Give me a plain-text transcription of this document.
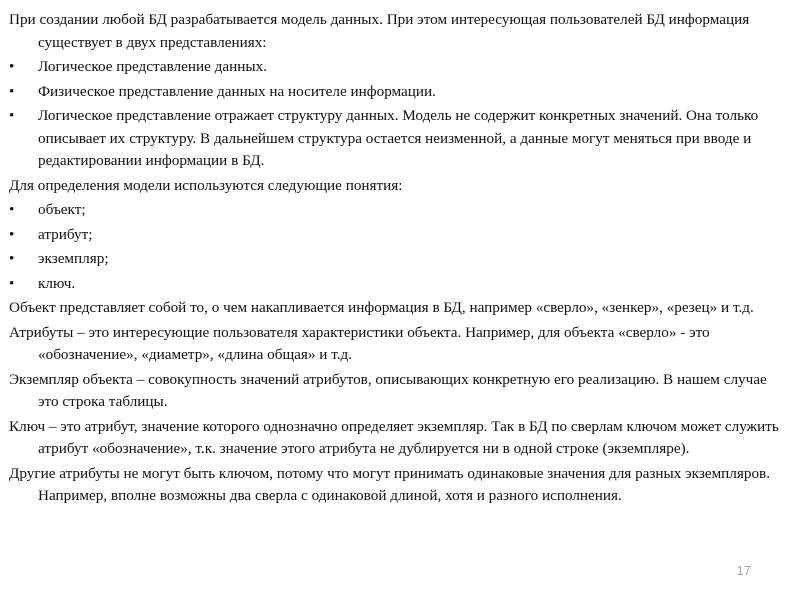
При создании любой БД разрабатывается модель данных. При этом интересующая пользователей БД информация существует в двух представлениях:

•	Логическое представление данных.
•	Физическое представление данных на носителе информации.
•	Логическое представление отражает структуру данных. Модель не содержит конкретных значений. Она только описывает их структуру. В дальнейшем структура остается неизменной, а данные могут меняться при вводе и редактировании информации в БД.

Для определения модели используются следующие понятия:

•	объект;
•	атрибут;
•	экземпляр;
•	ключ.

Объект представляет собой то, о чем накапливается информация в БД, например «сверло», «зенкер», «резец» и т.д.

Атрибуты – это интересующие пользователя характеристики объекта. Например, для объекта «сверло» - это «обозначение», «диаметр», «длина общая» и т.д.

Экземпляр объекта – совокупность значений атрибутов, описывающих конкретную его реализацию. В нашем случае это строка таблицы.

Ключ – это атрибут, значение которого однозначно определяет экземпляр. Так в БД по сверлам ключом может служить атрибут «обозначение», т.к. значение этого атрибута не дублируется ни в одной строке (экземпляре).

Другие атрибуты не могут быть ключом, потому что могут принимать одинаковые значения для разных экземпляров. Например, вполне возможны два сверла с одинаковой длиной, хотя и разного исполнения.

17
